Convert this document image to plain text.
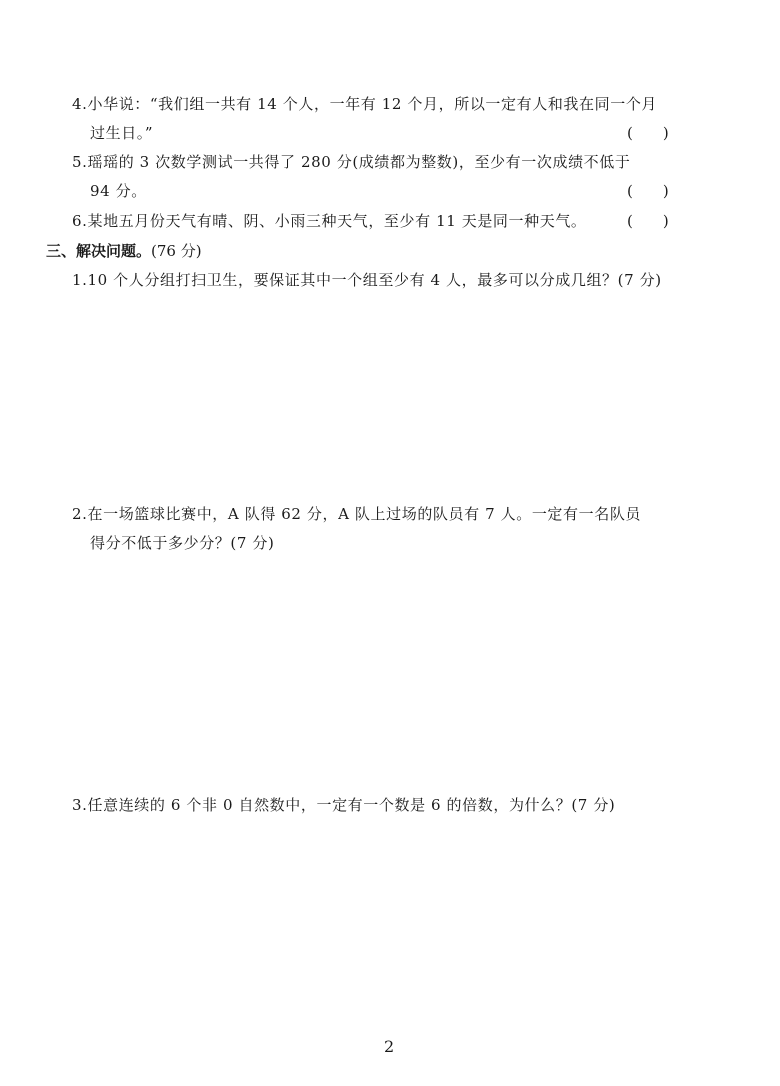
4.小华说：“我们组一共有 14 个人，一年有 12 个月，所以一定有人和我在同一个月
过生日。”	(　　)
5.瑶瑶的 3 次数学测试一共得了 280 分(成绩都为整数)，至少有一次成绩不低于
94 分。	(　　)
6.某地五月份天气有晴、阴、小雨三种天气，至少有 11 天是同一种天气。	(　　)
三、解决问题。(76 分)
1.10 个人分组打扫卫生，要保证其中一个组至少有 4 人，最多可以分成几组？(7 分)
2.在一场篮球比赛中，A 队得 62 分，A 队上过场的队员有 7 人。一定有一名队员
得分不低于多少分？(7 分)
3.任意连续的 6 个非 0 自然数中，一定有一个数是 6 的倍数，为什么？(7 分)
2
